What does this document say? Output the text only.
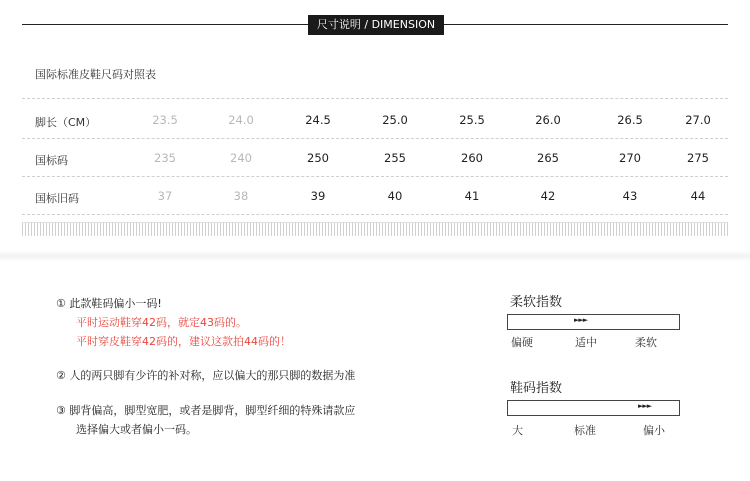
尺寸说明 / DIMENSION
国际标准皮鞋尺码对照表
脚长（CM）	23.5	24.0	24.5	25.0	25.5	26.0	26.5	27.0
国标码	235	240	250	255	260	265	270	275
国标旧码	37	38	39	40	41	42	43	44
① 此款鞋码偏小一码!
平时运动鞋穿42码，就定43码的。
平时穿皮鞋穿42码的，建议这款拍44码的！
② 人的两只脚有少许的补对称，应以偏大的那只脚的数据为准
③ 脚背偏高，脚型宽肥，或者是脚背，脚型纤细的特殊请款应
选择偏大或者偏小一码。
柔软指数
►►►
偏硬	适中	柔软
鞋码指数
►►►
大	标准	偏小
